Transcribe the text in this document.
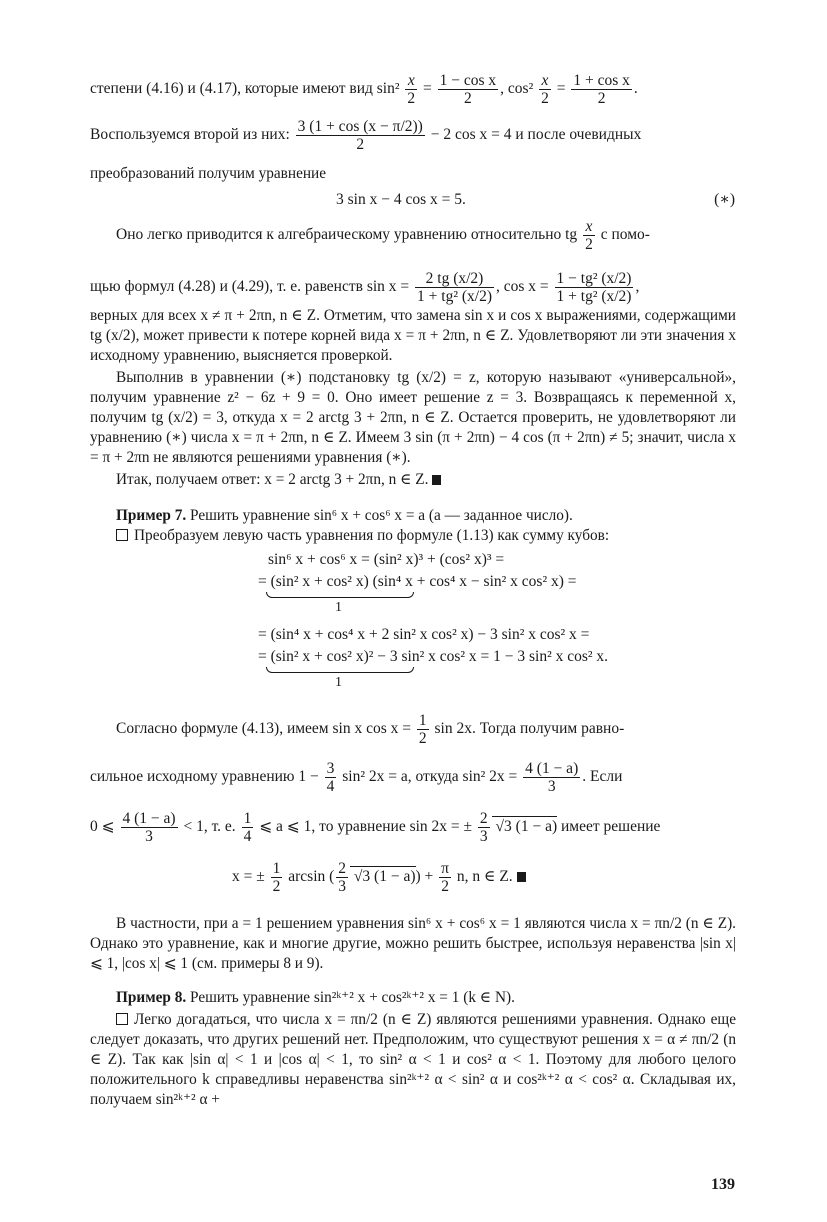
степени (4.16) и (4.17), которые имеют вид $\sin^2 \frac{x}{2} = \frac{\text{1 − cos x}}{2}$ , $\cos^2 \frac{x}{2} = \frac{\text{1 + cos x}}{2}$ .
Воспользуемся второй из них: $\frac{3 (1 + \cos (x - \pi/2))}{2} - 2$ cos x = 4 и после очевидных
преобразований получим уравнение
3 sin x − 4 cos x = 5.	(∗)
Оно легко приводится к алгебраическому уравнению относительно tg $\frac{x}{2}$ с помо-
щью формул (4.28) и (4.29), т. е. равенств $\sin x = \frac{2 tg (x/2)}{\text{1 + tg² (x/2)}}$ , $\cos x = \frac{\text{1 − tg² (x/2)}}{\text{1 + tg² (x/2)}}$ ,
верных для всех x ≠ π + 2πn, n ∈ Z. Отметим, что замена sin x и cos x выражениями, содержащими tg (x/2), может привести к потере корней вида x = π + 2πn, n ∈ Z. Удовлетворяют ли эти значения x исходному уравнению, выясняется проверкой.
Выполнив в уравнении (∗) подстановку tg (x/2) = z, которую называют «универсальной», получим уравнение z² − 6z + 9 = 0. Оно имеет решение z = 3. Возвращаясь к переменной x, получим tg (x/2) = 3, откуда x = 2 arctg 3 + 2πn, n ∈ Z. Остается проверить, не удовлетворяют ли уравнению (∗) числа x = π + 2πn, n ∈ Z. Имеем 3 sin (π + 2πn) − 4 cos (π + 2πn) ≠ 5; значит, числа x = π + 2πn не являются решениями уравнения (∗).
Итак, получаем ответ: x = 2 arctg 3 + 2πn, n ∈ Z.
Пример 7. Решить уравнение sin⁶ x + cos⁶ x = a (a — заданное число).
Преобразуем левую часть уравнения по формуле (1.13) как сумму кубов:
sin⁶ x + cos⁶ x = (sin² x)³ + (cos² x)³ =
= (sin² x + cos² x) (sin⁴ x + cos⁴ x − sin² x cos² x) =
1
= (sin⁴ x + cos⁴ x + 2 sin² x cos² x) − 3 sin² x cos² x =
= (sin² x + cos² x)² − 3 sin² x cos² x = 1 − 3 sin² x cos² x.
1
Согласно формуле (4.13), имеем sin x $\cos x = \frac{1}{2}$ sin 2x. Тогда получим равно-
сильное исходному уравнению $1 - \frac{3}{4} \sin^2$ 2x = a, откуда sin² $2x = \frac{4 (1 - a)}{3}$ . Если
0 ⩽ $\frac{4 (1 - a)}{3} < 1$, т. е. $\frac{1}{4}$ ⩽ a ⩽ 1, то уравнение sin 2x = ± $\frac{2}{3} √3$ (1 − a) имеет решение
x = ± $\frac{1}{2}$ arcsin ( $\frac{2}{3} √3$ $(1 - a)) + \frac{\pi}{2} n$, n ∈ Z.
В частности, при a = 1 решением уравнения sin⁶ x + cos⁶ x = 1 являются числа x = πn/2 (n ∈ Z). Однако это уравнение, как и многие другие, можно решить быстрее, используя неравенства |sin x| ⩽ 1, |cos x| ⩽ 1 (см. примеры 8 и 9).
Пример 8. Решить уравнение sin²ᵏ⁺² x + cos²ᵏ⁺² x = 1 (k ∈ N).
Легко догадаться, что числа x = πn/2 (n ∈ Z) являются решениями уравнения. Однако еще следует доказать, что других решений нет. Предположим, что существуют решения x = α ≠ πn/2 (n ∈ Z). Так как |sin α| < 1 и |cos α| < 1, то sin² α < 1 и cos² α < 1. Поэтому для любого целого положительного k справедливы неравенства sin²ᵏ⁺² α < sin² α и cos²ᵏ⁺² α < cos² α. Складывая их, получаем sin²ᵏ⁺² α +
139
